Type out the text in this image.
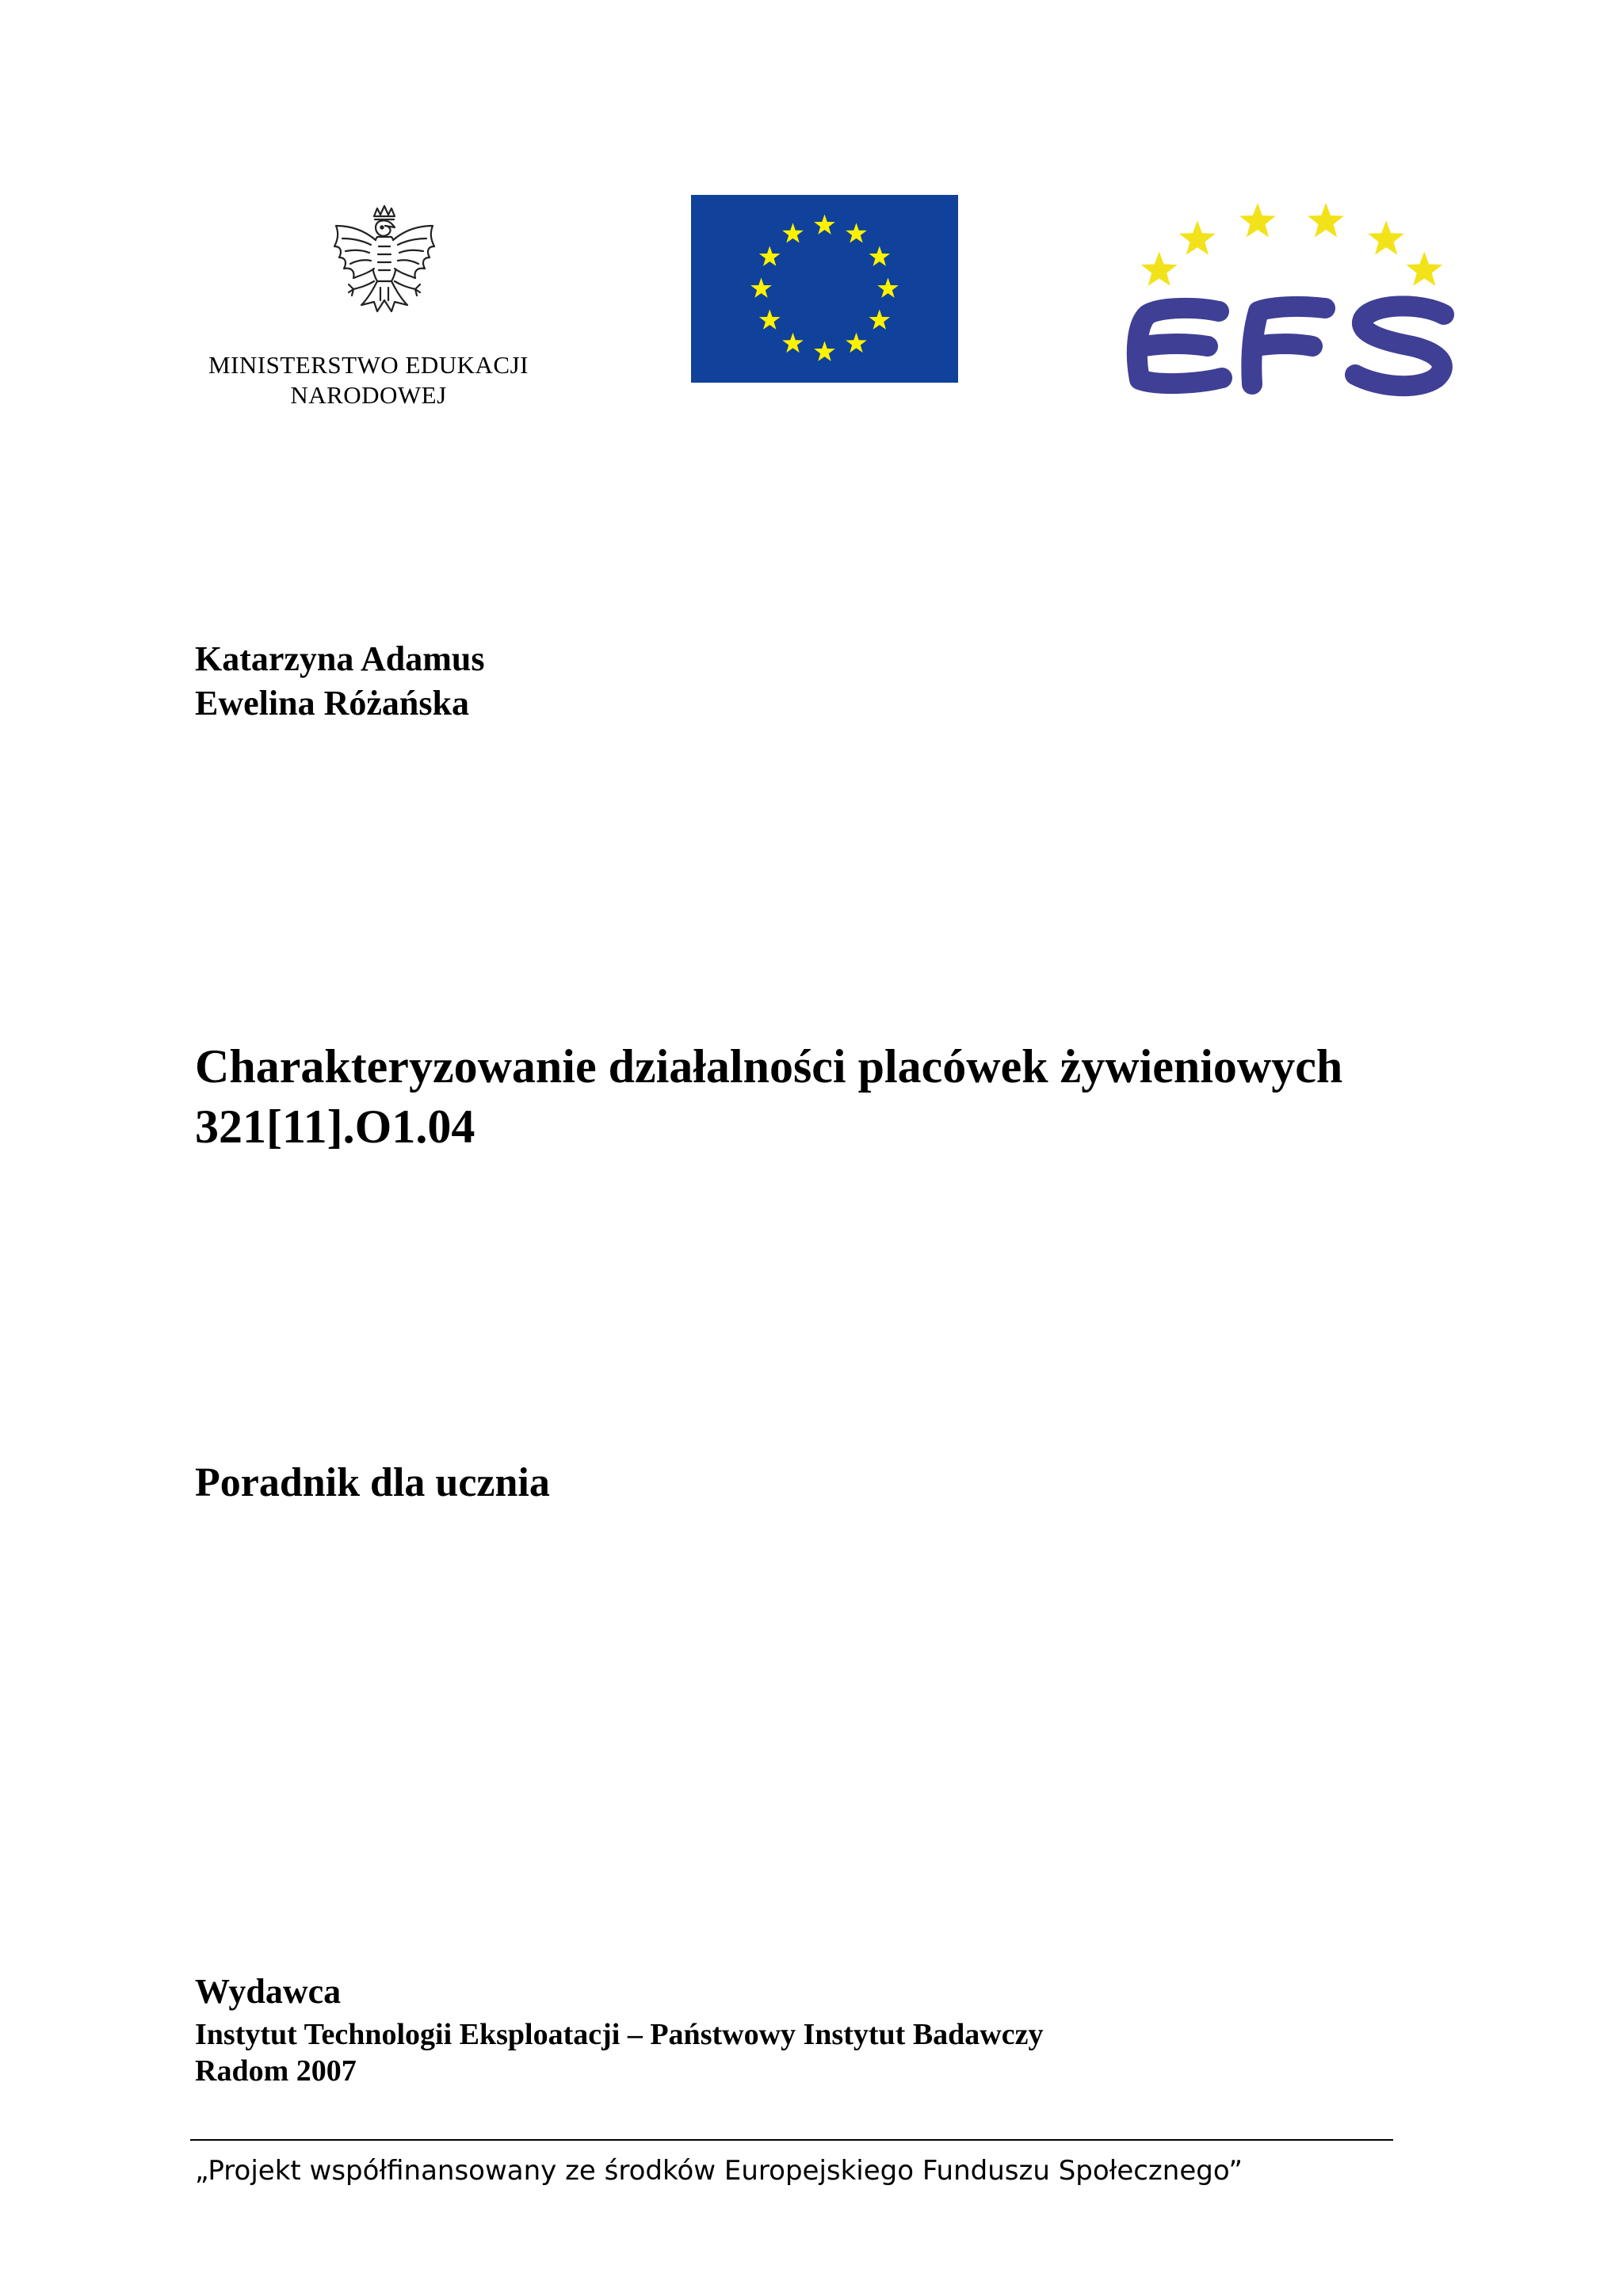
MINISTERSTWO EDUKACJI
NARODOWEJ
Katarzyna Adamus
Ewelina Różańska
Charakteryzowanie działalności placówek żywieniowych
321[11].O1.04
Poradnik dla ucznia
Wydawca
Instytut Technologii Eksploatacji – Państwowy Instytut Badawczy
Radom 2007
„Projekt współfinansowany ze środków Europejskiego Funduszu Społecznego”
